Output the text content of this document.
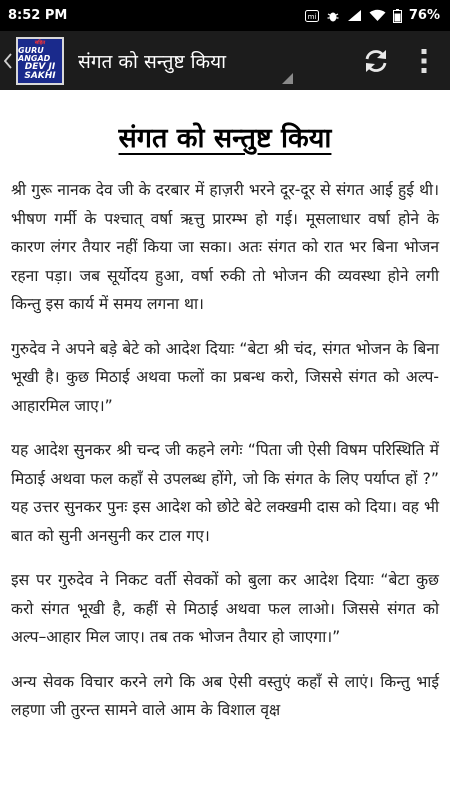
8:52 PM	mi	76%
सहित
GURU ANGAD
DEV JI
SAKHI
संगत को सन्तुष्ट किया
संगत को सन्तुष्ट किया

श्री गुरू नानक देव जी के दरबार में हाज़री भरने दूर-दूर से संगत आई हुई थी। भीषण गर्मी के पश्चात् वर्षा ऋत्तु प्रारम्भ हो गई। मूसलाधार वर्षा होने के कारण लंगर तैयार नहीं किया जा सका। अतः संगत को रात भर बिना भोजन रहना पड़ा। जब सूर्योदय हुआ, वर्षा रुकी तो भोजन की व्यवस्था होने लगी किन्तु इस कार्य में समय लगना था।

गुरुदेव ने अपने बड़े बेटे को आदेश दियाः “बेटा श्री चंद, संगत भोजन के बिना भूखी है। कुछ मिठाई अथवा फलों का प्रबन्ध करो, जिससे संगत को अल्प-आहारमिल जाए।”

यह आदेश सुनकर श्री चन्द जी कहने लगेः “पिता जी ऐसी विषम परिस्थिति में मिठाई अथवा फल कहाँ से उपलब्ध होंगे, जो कि संगत के लिए पर्याप्त हों ?” यह उत्तर सुनकर पुनः इस आदेश को छोटे बेटे लक्खमी दास को दिया। वह भी बात को सुनी अनसुनी कर टाल गए।

इस पर गुरुदेव ने निकट वर्ती सेवकों को बुला कर आदेश दियाः “बेटा कुछ करो संगत भूखी है, कहीं से मिठाई अथवा फल लाओ। जिससे संगत को अल्प–आहार मिल जाए। तब तक भोजन तैयार हो जाएगा।”

अन्य सेवक विचार करने लगे कि अब ऐसी वस्तुएं कहाँ से लाएं। किन्तु भाई लहणा जी तुरन्त सामने वाले आम के विशाल वृक्ष
